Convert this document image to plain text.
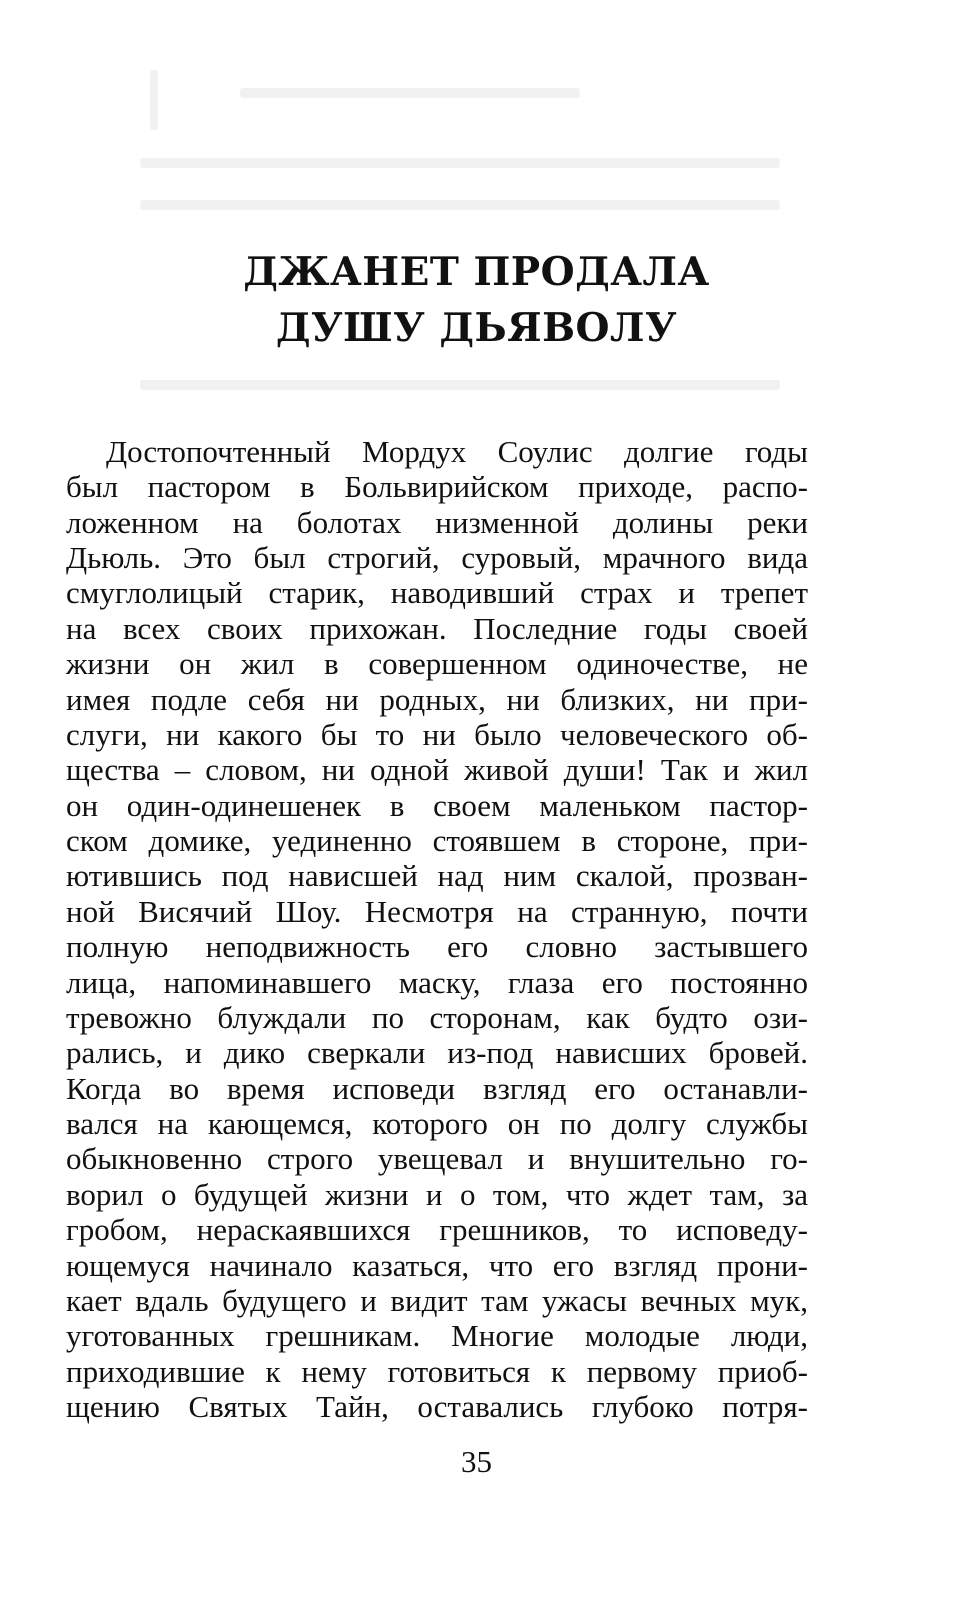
ДЖАНЕТ ПРОДАЛА
ДУШУ ДЬЯВОЛУ
Достопочтенный Мордух Соулис долгие годы
был пастором в Больвирийском приходе, распо-
ложенном на болотах низменной долины реки
Дьюль. Это был строгий, суровый, мрачного вида
смуглолицый старик, наводивший страх и трепет
на всех своих прихожан. Последние годы своей
жизни он жил в совершенном одиночестве, не
имея подле себя ни родных, ни близких, ни при-
слуги, ни какого бы то ни было человеческого об-
щества – словом, ни одной живой души! Так и жил
он один-одинешенек в своем маленьком пастор-
ском домике, уединенно стоявшем в стороне, при-
ютившись под нависшей над ним скалой, прозван-
ной Висячий Шоу. Несмотря на странную, почти
полную неподвижность его словно застывшего
лица, напоминавшего маску, глаза его постоянно
тревожно блуждали по сторонам, как будто ози-
рались, и дико сверкали из-под нависших бровей.
Когда во время исповеди взгляд его останавли-
вался на кающемся, которого он по долгу службы
обыкновенно строго увещевал и внушительно го-
ворил о будущей жизни и о том, что ждет там, за
гробом, нераскаявшихся грешников, то исповеду-
ющемуся начинало казаться, что его взгляд прони-
кает вдаль будущего и видит там ужасы вечных мук,
уготованных грешникам. Многие молодые люди,
приходившие к нему готовиться к первому приоб-
щению Святых Тайн, оставались глубоко потря-
35
